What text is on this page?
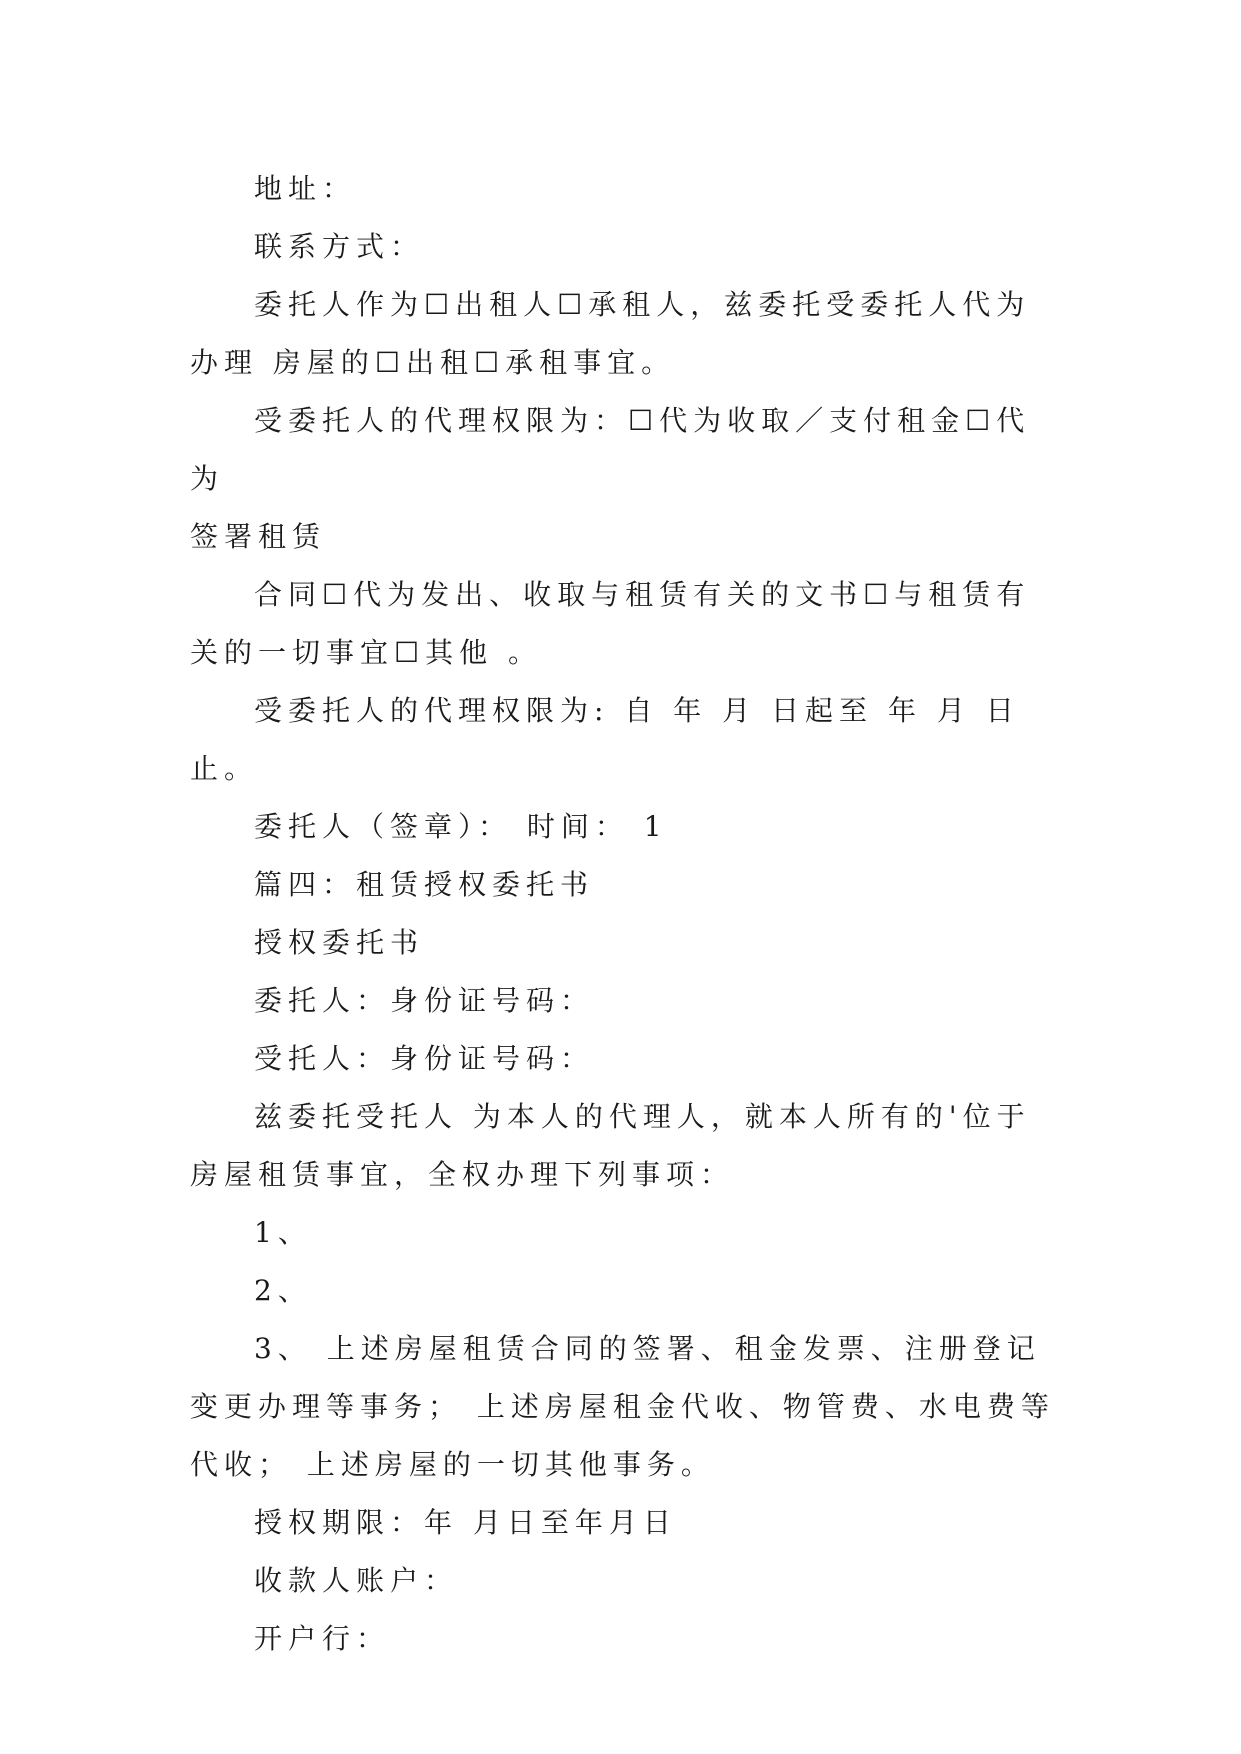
地址：

联系方式：

委托人作为☐出租人☐承租人，兹委托受委托人代为办理 房屋的☐出租☐承租事宜。

受委托人的代理权限为：☐代为收取／支付租金☐代为
签署租赁

合同☐代为发出、收取与租赁有关的文书☐与租赁有关的一切事宜☐其他 。

受委托人的代理权限为: 自 年 月 日起至 年 月 日止。

委托人（签章）： 时间： 1

篇四：租赁授权委托书

授权委托书

委托人：身份证号码：

受托人：身份证号码：

兹委托受托人 为本人的代理人，就本人所有的'位于房屋租赁事宜，全权办理下列事项：

1、

2、

3、 上述房屋租赁合同的签署、租金发票、注册登记变更办理等事务； 上述房屋租金代收、物管费、水电费等代收； 上述房屋的一切其他事务。

授权期限：年 月日至年月日

收款人账户：

开户行：
